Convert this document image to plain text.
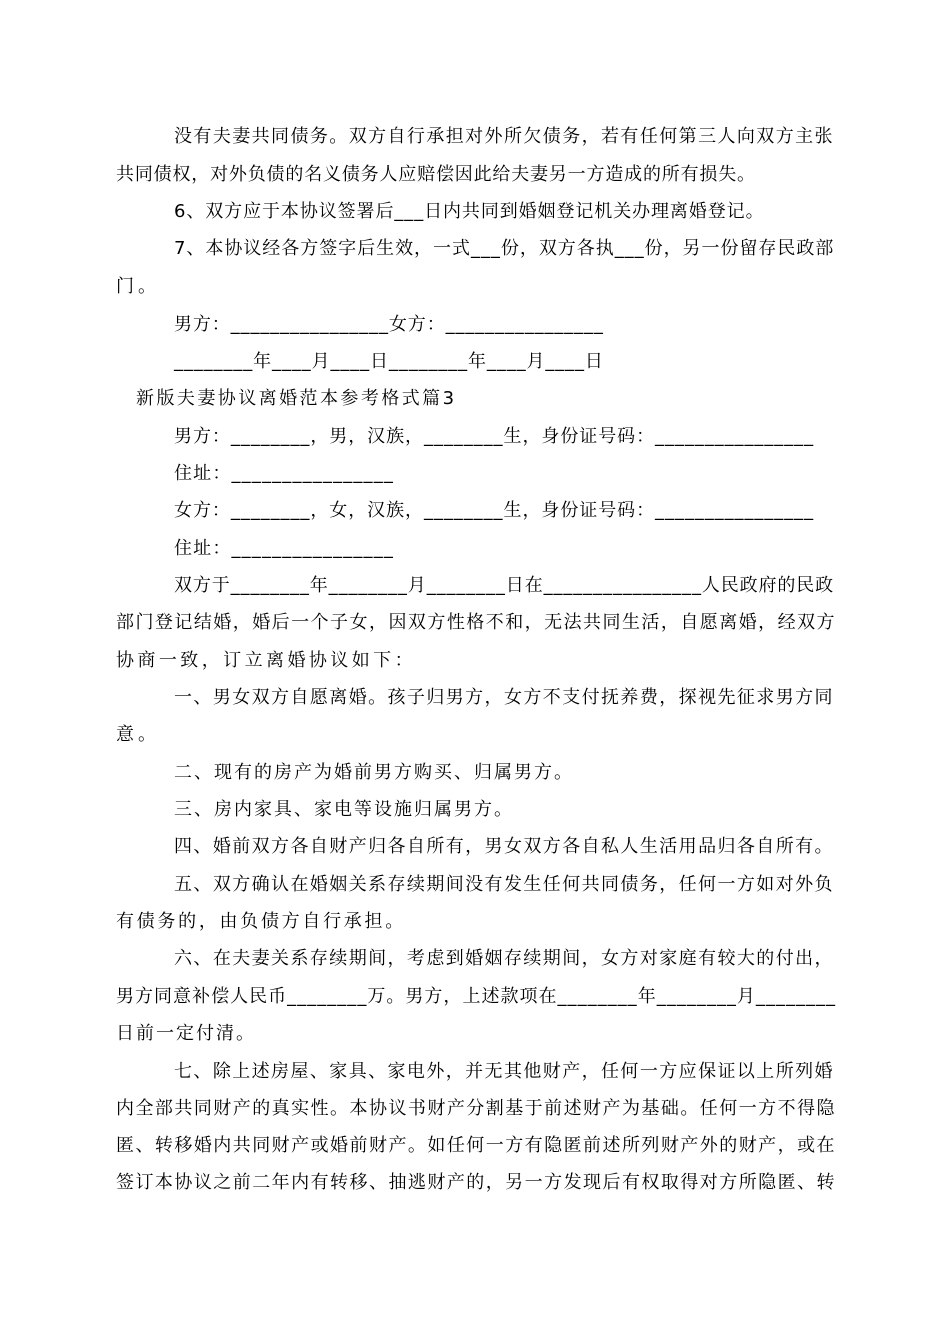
没有夫妻共同债务。双方自行承担对外所欠债务，若有任何第三人向双方主张
共同债权，对外负债的名义债务人应赔偿因此给夫妻另一方造成的所有损失。
6、双方应于本协议签署后___日内共同到婚姻登记机关办理离婚登记。
7、本协议经各方签字后生效，一式___份，双方各执___份，另一份留存民政部
门。
男方：________________女方：________________
________年____月____日________年____月____日
新版夫妻协议离婚范本参考格式篇3
男方：________，男，汉族，________生，身份证号码：________________
住址：________________
女方：________，女，汉族，________生，身份证号码：________________
住址：________________
双方于________年________月________日在________________人民政府的民政
部门登记结婚，婚后一个子女，因双方性格不和，无法共同生活，自愿离婚，经双方
协商一致，订立离婚协议如下：
一、男女双方自愿离婚。孩子归男方，女方不支付抚养费，探视先征求男方同
意。
二、现有的房产为婚前男方购买、归属男方。
三、房内家具、家电等设施归属男方。
四、婚前双方各自财产归各自所有，男女双方各自私人生活用品归各自所有。
五、双方确认在婚姻关系存续期间没有发生任何共同债务，任何一方如对外负
有债务的，由负债方自行承担。
六、在夫妻关系存续期间，考虑到婚姻存续期间，女方对家庭有较大的付出，
男方同意补偿人民币________万。男方，上述款项在________年________月________
日前一定付清。
七、除上述房屋、家具、家电外，并无其他财产，任何一方应保证以上所列婚
内全部共同财产的真实性。本协议书财产分割基于前述财产为基础。任何一方不得隐
匿、转移婚内共同财产或婚前财产。如任何一方有隐匿前述所列财产外的财产，或在
签订本协议之前二年内有转移、抽逃财产的，另一方发现后有权取得对方所隐匿、转
